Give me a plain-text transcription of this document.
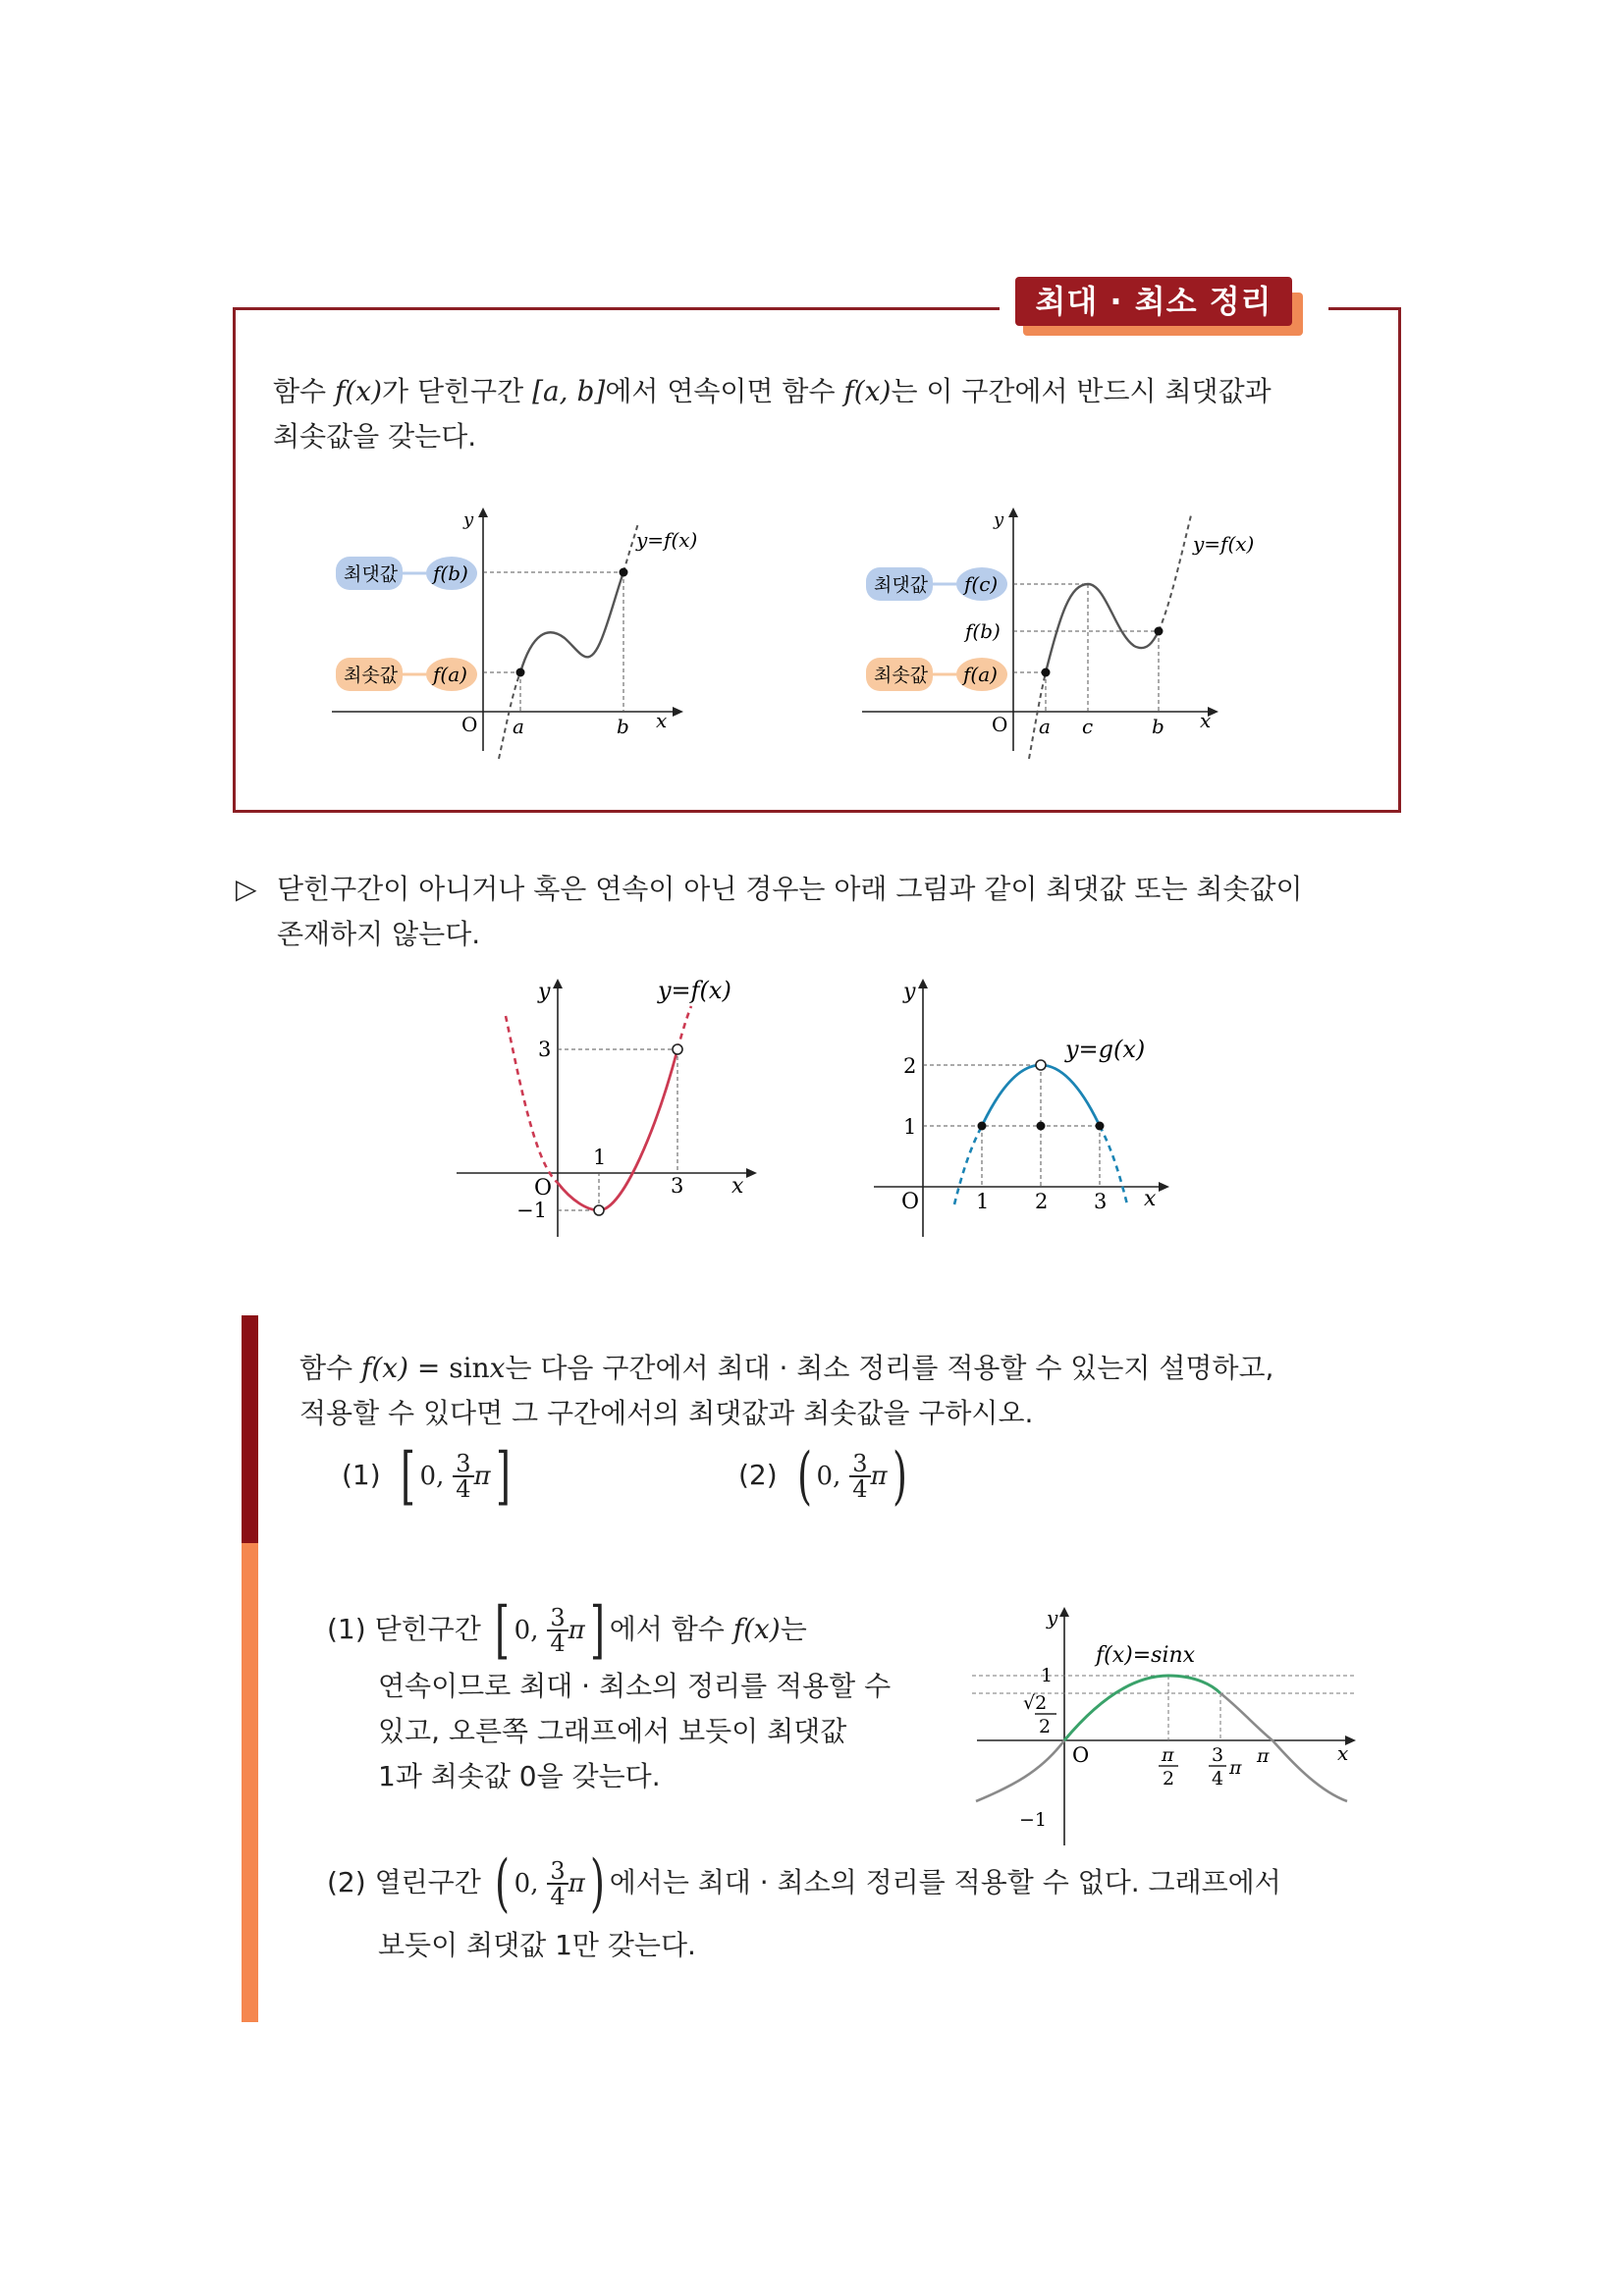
최대 · 최소 정리
함수 f(x)가 닫힌구간 [a, b]에서 연속이면 함수 f(x)는 이 구간에서 반드시 최댓값과
최솟값을 갖는다.
y
x
O
y=f(x)
a	b
최댓값 f(b)
최솟값 f(a)
y
x
O
y=f(x)
a c	b
f(b)
최댓값 f(c)
최솟값 f(a)
▷ 닫힌구간이 아니거나 혹은 연속이 아닌 경우는 아래 그림과 같이 최댓값 또는 최솟값이
존재하지 않는다.
y
x
O
y=f(x)
3
−1
1
3
y
x
O
y=g(x)
2
1
1 2 3
함수 f(x) = sinx는 다음 구간에서 최대 · 최소 정리를 적용할 수 있는지 설명하고,
적용할 수 있다면 그 구간에서의 최댓값과 최솟값을 구하시오.
(1) [ 0, $\frac{3}{4} \pi$]	(2) ( 0, $\frac{3}{4} \pi$)
(1) 닫힌구간 [ 0, $\frac{3}{4} \pi$] 에서 함수 f(x)는
연속이므로 최대 · 최소의 정리를 적용할 수
있고, 오른쪽 그래프에서 보듯이 최댓값
1과 최솟값 0을 갖는다.
y
x
O
f(x)=sinx
1
√2
2
−1
π
2
3
4 π
π
(2) 열린구간 ( 0, $\frac{3}{4} \pi$) 에서는 최대 · 최소의 정리를 적용할 수 없다. 그래프에서
보듯이 최댓값 1만 갖는다.
